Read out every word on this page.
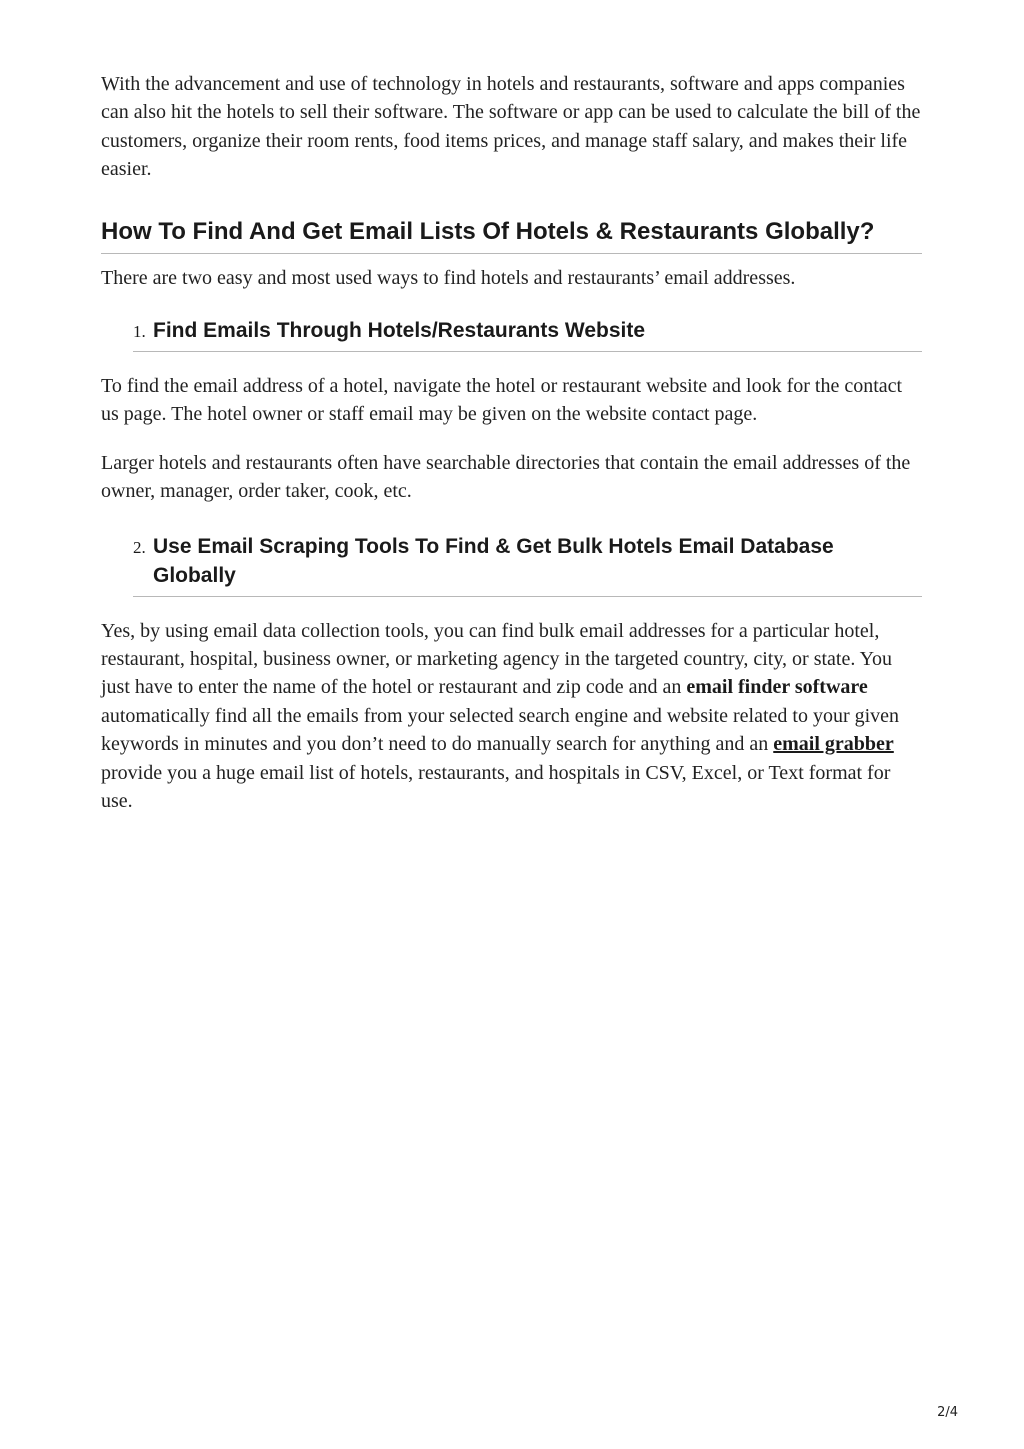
With the advancement and use of technology in hotels and restaurants, software and apps companies can also hit the hotels to sell their software. The software or app can be used to calculate the bill of the customers, organize their room rents, food items prices, and manage staff salary, and makes their life easier.

How To Find And Get Email Lists Of Hotels & Restaurants Globally?

There are two easy and most used ways to find hotels and restaurants’ email addresses.

1. Find Emails Through Hotels/Restaurants Website

To find the email address of a hotel, navigate the hotel or restaurant website and look for the contact us page. The hotel owner or staff email may be given on the website contact page.

Larger hotels and restaurants often have searchable directories that contain the email addresses of the owner, manager, order taker, cook, etc.

2. Use Email Scraping Tools To Find & Get Bulk Hotels Email Database Globally

Yes, by using email data collection tools, you can find bulk email addresses for a particular hotel, restaurant, hospital, business owner, or marketing agency in the targeted country, city, or state. You just have to enter the name of the hotel or restaurant and zip code and an email finder software automatically find all the emails from your selected search engine and website related to your given keywords in minutes and you don’t need to do manually search for anything and an email grabber provide you a huge email list of hotels, restaurants, and hospitals in CSV, Excel, or Text format for use.

2/4
